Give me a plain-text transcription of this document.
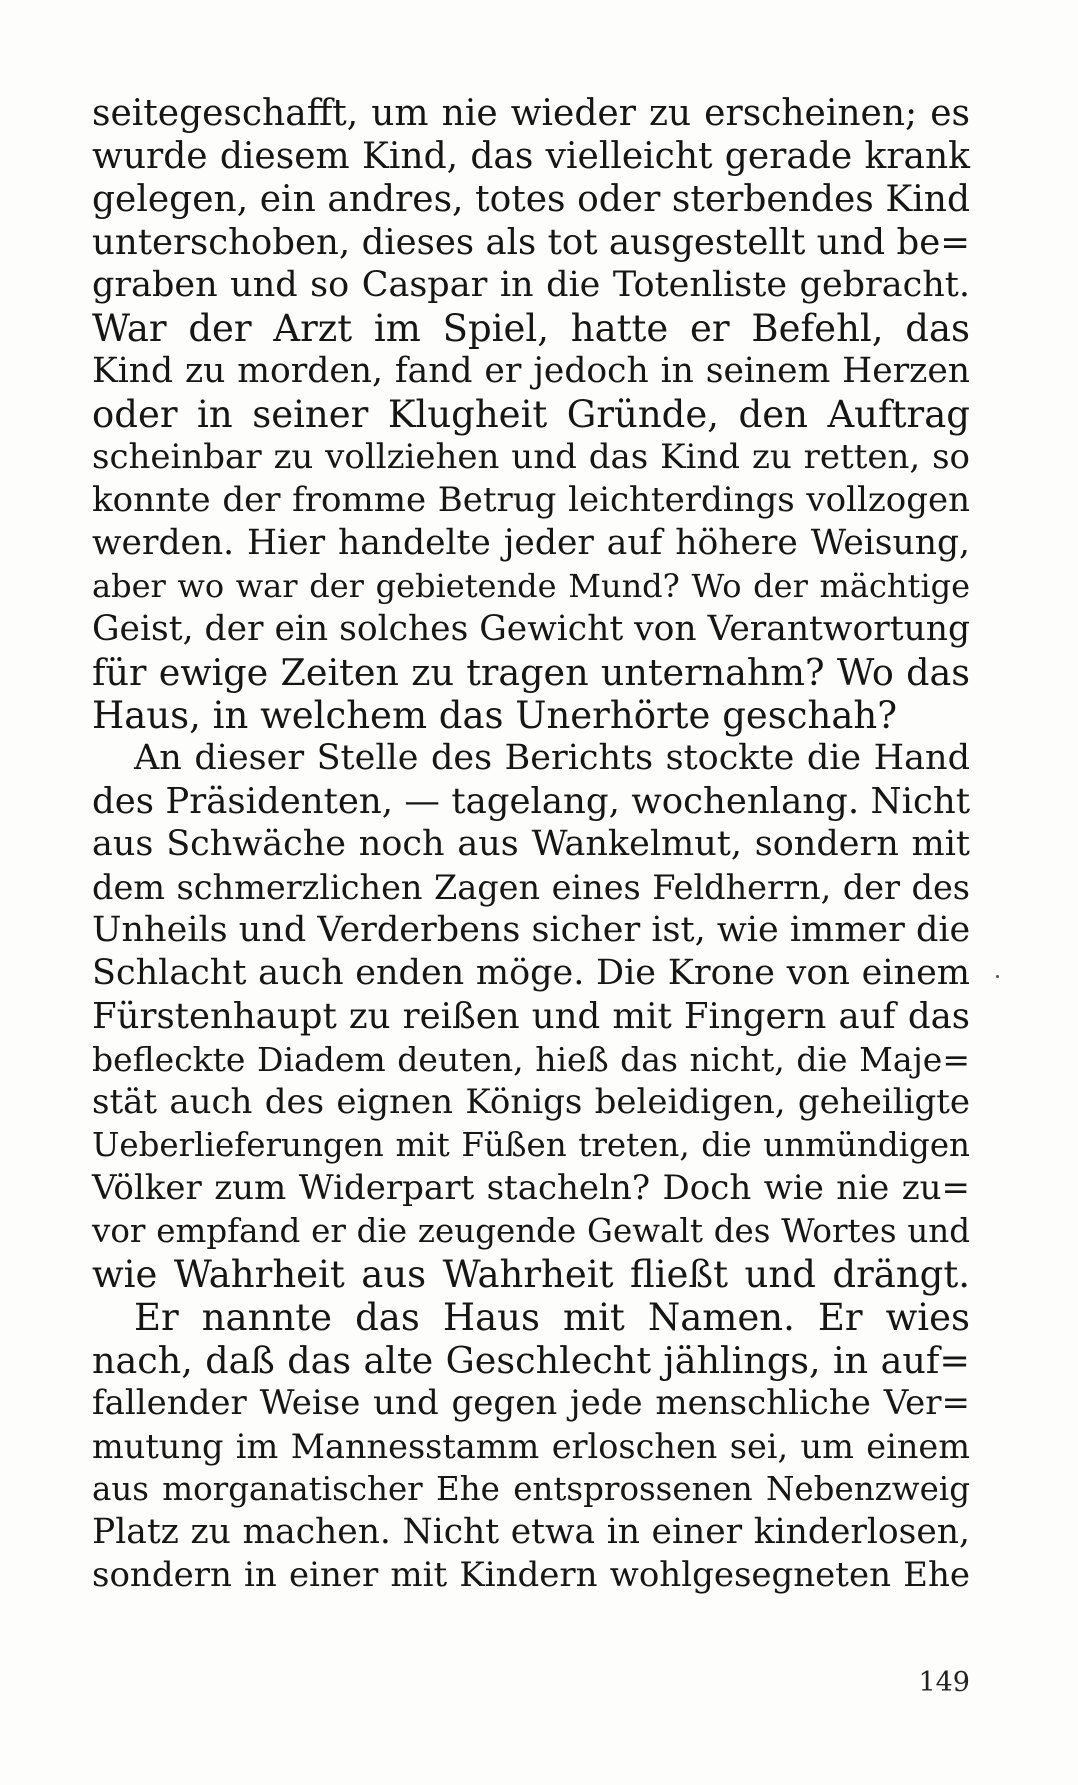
seitegeschafft, um nie wieder zu erscheinen; es
wurde diesem Kind, das vielleicht gerade krank
gelegen, ein andres, totes oder sterbendes Kind
unterschoben, dieses als tot ausgestellt und be=
graben und so Caspar in die Totenliste gebracht.
War der Arzt im Spiel, hatte er Befehl, das
Kind zu morden, fand er jedoch in seinem Herzen
oder in seiner Klugheit Gründe, den Auftrag
scheinbar zu vollziehen und das Kind zu retten, so
konnte der fromme Betrug leichterdings vollzogen
werden. Hier handelte jeder auf höhere Weisung,
aber wo war der gebietende Mund? Wo der mächtige
Geist, der ein solches Gewicht von Verantwortung
für ewige Zeiten zu tragen unternahm? Wo das
Haus, in welchem das Unerhörte geschah?
An dieser Stelle des Berichts stockte die Hand
des Präsidenten, — tagelang, wochenlang. Nicht
aus Schwäche noch aus Wankelmut, sondern mit
dem schmerzlichen Zagen eines Feldherrn, der des
Unheils und Verderbens sicher ist, wie immer die
Schlacht auch enden möge. Die Krone von einem
Fürstenhaupt zu reißen und mit Fingern auf das
befleckte Diadem deuten, hieß das nicht, die Maje=
stät auch des eignen Königs beleidigen, geheiligte
Ueberlieferungen mit Füßen treten, die unmündigen
Völker zum Widerpart stacheln? Doch wie nie zu=
vor empfand er die zeugende Gewalt des Wortes und
wie Wahrheit aus Wahrheit fließt und drängt.
Er nannte das Haus mit Namen. Er wies
nach, daß das alte Geschlecht jählings, in auf=
fallender Weise und gegen jede menschliche Ver=
mutung im Mannesstamm erloschen sei, um einem
aus morganatischer Ehe entsprossenen Nebenzweig
Platz zu machen. Nicht etwa in einer kinderlosen,
sondern in einer mit Kindern wohlgesegneten Ehe
149
